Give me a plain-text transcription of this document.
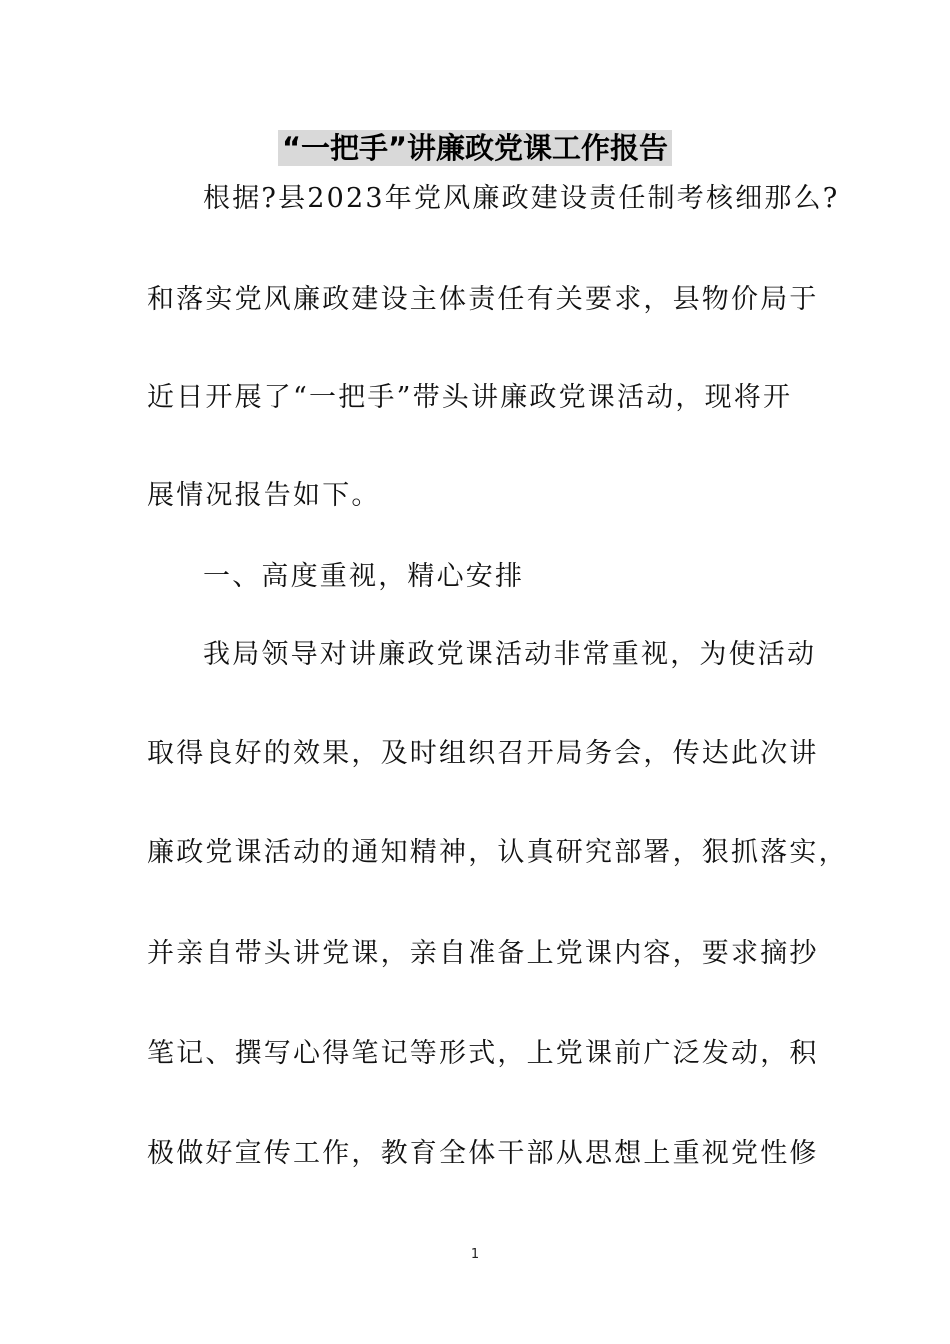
“一把手”讲廉政党课工作报告
根据?县2023年党风廉政建设责任制考核细那么?
和落实党风廉政建设主体责任有关要求，县物价局于
近日开展了“一把手”带头讲廉政党课活动，现将开
展情况报告如下。
一、高度重视，精心安排
我局领导对讲廉政党课活动非常重视，为使活动
取得良好的效果，及时组织召开局务会，传达此次讲
廉政党课活动的通知精神，认真研究部署，狠抓落实，
并亲自带头讲党课，亲自准备上党课内容，要求摘抄
笔记、撰写心得笔记等形式，上党课前广泛发动，积
极做好宣传工作，教育全体干部从思想上重视党性修
1
